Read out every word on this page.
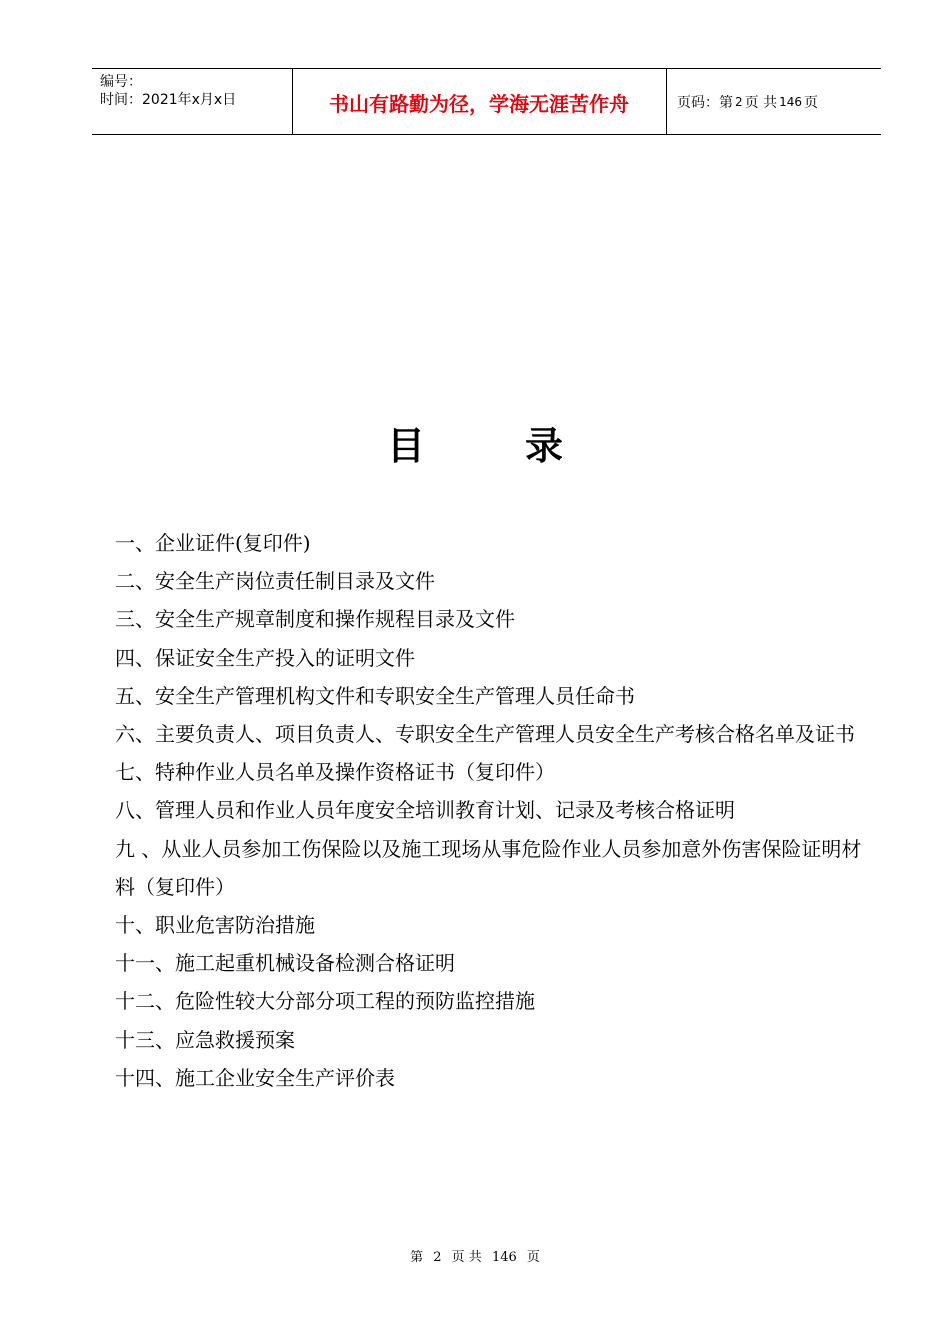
编号：
时间：2021年x月x日	书山有路勤为径，学海无涯苦作舟	页码：第 2 页 共 146 页
目录

一、企业证件(复印件)

二、安全生产岗位责任制目录及文件

三、安全生产规章制度和操作规程目录及文件

四、保证安全生产投入的证明文件

五、安全生产管理机构文件和专职安全生产管理人员任命书

六、主要负责人、项目负责人、专职安全生产管理人员安全生产考核合格名单及证书

七、特种作业人员名单及操作资格证书（复印件）

八、管理人员和作业人员年度安全培训教育计划、记录及考核合格证明

九 、从业人员参加工伤保险以及施工现场从事危险作业人员参加意外伤害保险证明材料（复印件）

十、职业危害防治措施

十一、施工起重机械设备检测合格证明

十二、危险性较大分部分项工程的预防监控措施

十三、应急救援预案

十四、施工企业安全生产评价表

第 2 页 共 146 页
